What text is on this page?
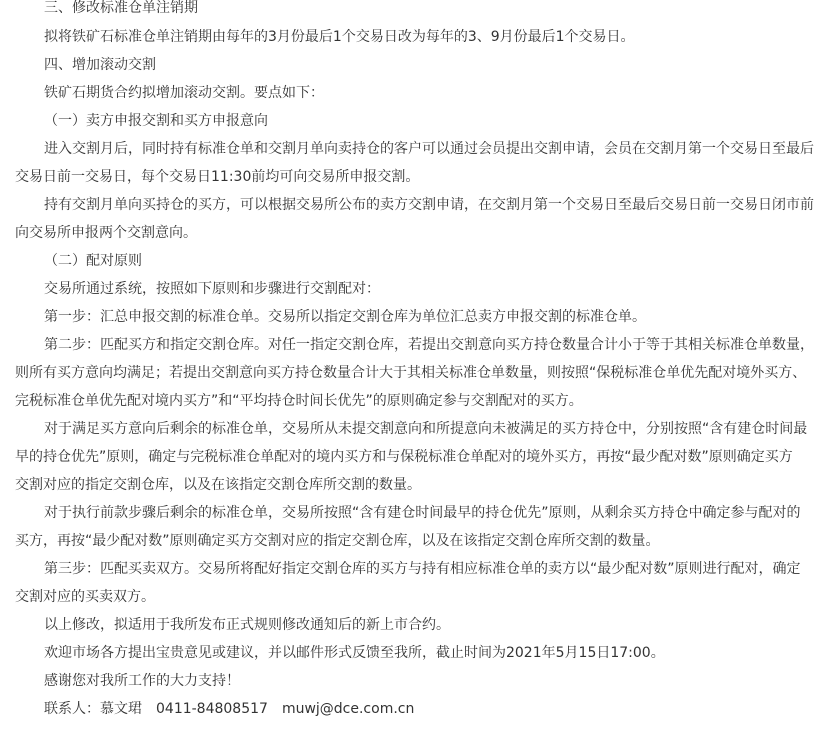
三、修改标准仓单注销期
拟将铁矿石标准仓单注销期由每年的3月份最后1个交易日改为每年的3、9月份最后1个交易日。
四、增加滚动交割
铁矿石期货合约拟增加滚动交割。要点如下：
（一）卖方申报交割和买方申报意向
进入交割月后，同时持有标准仓单和交割月单向卖持仓的客户可以通过会员提出交割申请，会员在交割月第一个交易日至最后
交易日前一交易日，每个交易日11:30前均可向交易所申报交割。
持有交割月单向买持仓的买方，可以根据交易所公布的卖方交割申请，在交割月第一个交易日至最后交易日前一交易日闭市前
向交易所申报两个交割意向。
（二）配对原则
交易所通过系统，按照如下原则和步骤进行交割配对：
第一步：汇总申报交割的标准仓单。交易所以指定交割仓库为单位汇总卖方申报交割的标准仓单。
第二步：匹配买方和指定交割仓库。对任一指定交割仓库，若提出交割意向买方持仓数量合计小于等于其相关标准仓单数量，
则所有买方意向均满足；若提出交割意向买方持仓数量合计大于其相关标准仓单数量，则按照“保税标准仓单优先配对境外买方、
完税标准仓单优先配对境内买方”和“平均持仓时间长优先”的原则确定参与交割配对的买方。
对于满足买方意向后剩余的标准仓单，交易所从未提交割意向和所提意向未被满足的买方持仓中，分别按照“含有建仓时间最
早的持仓优先”原则，确定与完税标准仓单配对的境内买方和与保税标准仓单配对的境外买方，再按“最少配对数”原则确定买方
交割对应的指定交割仓库，以及在该指定交割仓库所交割的数量。
对于执行前款步骤后剩余的标准仓单，交易所按照“含有建仓时间最早的持仓优先”原则，从剩余买方持仓中确定参与配对的
买方，再按“最少配对数”原则确定买方交割对应的指定交割仓库，以及在该指定交割仓库所交割的数量。
第三步：匹配买卖双方。交易所将配好指定交割仓库的买方与持有相应标准仓单的卖方以“最少配对数”原则进行配对，确定
交割对应的买卖双方。
以上修改，拟适用于我所发布正式规则修改通知后的新上市合约。
欢迎市场各方提出宝贵意见或建议，并以邮件形式反馈至我所，截止时间为2021年5月15日17:00。
感谢您对我所工作的大力支持！
联系人：慕文珺　0411-84808517　muwj@dce.com.cn
